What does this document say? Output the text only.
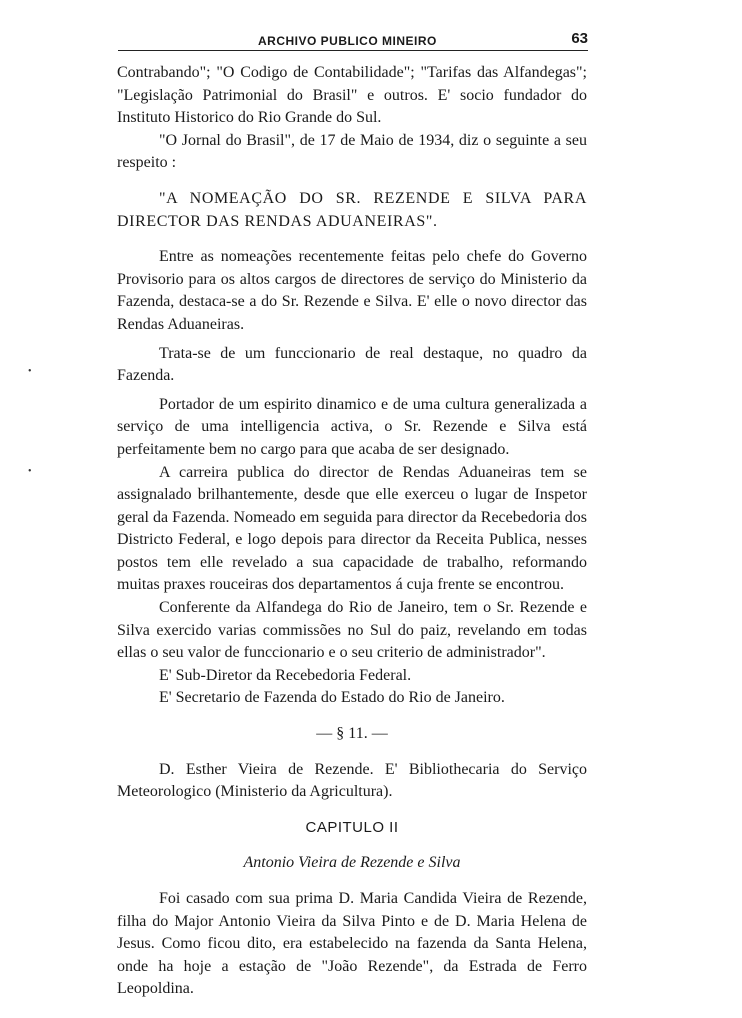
ARCHIVO PUBLICO MINEIRO	63
•
•

Contrabando"; "O Codigo de Contabilidade"; "Tarifas das Alfandegas"; "Legislação Patrimonial do Brasil" e outros. E' socio fundador do Instituto Historico do Rio Grande do Sul.

"O Jornal do Brasil", de 17 de Maio de 1934, diz o seguinte a seu respeito :

"A NOMEAÇÃO DO SR. REZENDE E SILVA PARA DIRECTOR DAS RENDAS ADUANEIRAS".

Entre as nomeações recentemente feitas pelo chefe do Governo Provisorio para os altos cargos de directores de serviço do Ministerio da Fazenda, destaca-se a do Sr. Rezende e Silva. E' elle o novo director das Rendas Aduaneiras.

Trata-se de um funccionario de real destaque, no quadro da Fazenda.

Portador de um espirito dinamico e de uma cultura generalizada a serviço de uma intelligencia activa, o Sr. Rezende e Silva está perfeitamente bem no cargo para que acaba de ser designado.

A carreira publica do director de Rendas Aduaneiras tem se assignalado brilhantemente, desde que elle exerceu o lugar de Inspetor geral da Fazenda. Nomeado em seguida para director da Recebedoria dos Districto Federal, e logo depois para director da Receita Publica, nesses postos tem elle revelado a sua capacidade de trabalho, reformando muitas praxes rouceiras dos departamentos á cuja frente se encontrou.

Conferente da Alfandega do Rio de Janeiro, tem o Sr. Rezende e Silva exercido varias commissões no Sul do paiz, revelando em todas ellas o seu valor de funccionario e o seu criterio de administrador".

E' Sub-Diretor da Recebedoria Federal.

E' Secretario de Fazenda do Estado do Rio de Janeiro.

— § 11. —

D. Esther Vieira de Rezende. E' Bibliothecaria do Serviço Meteorologico (Ministerio da Agricultura).

CAPITULO II

Antonio Vieira de Rezende e Silva

Foi casado com sua prima D. Maria Candida Vieira de Rezende, filha do Major Antonio Vieira da Silva Pinto e de D. Maria Helena de Jesus. Como ficou dito, era estabelecido na fazenda da Santa Helena, onde ha hoje a estação de "João Rezende", da Estrada de Ferro Leopoldina.
